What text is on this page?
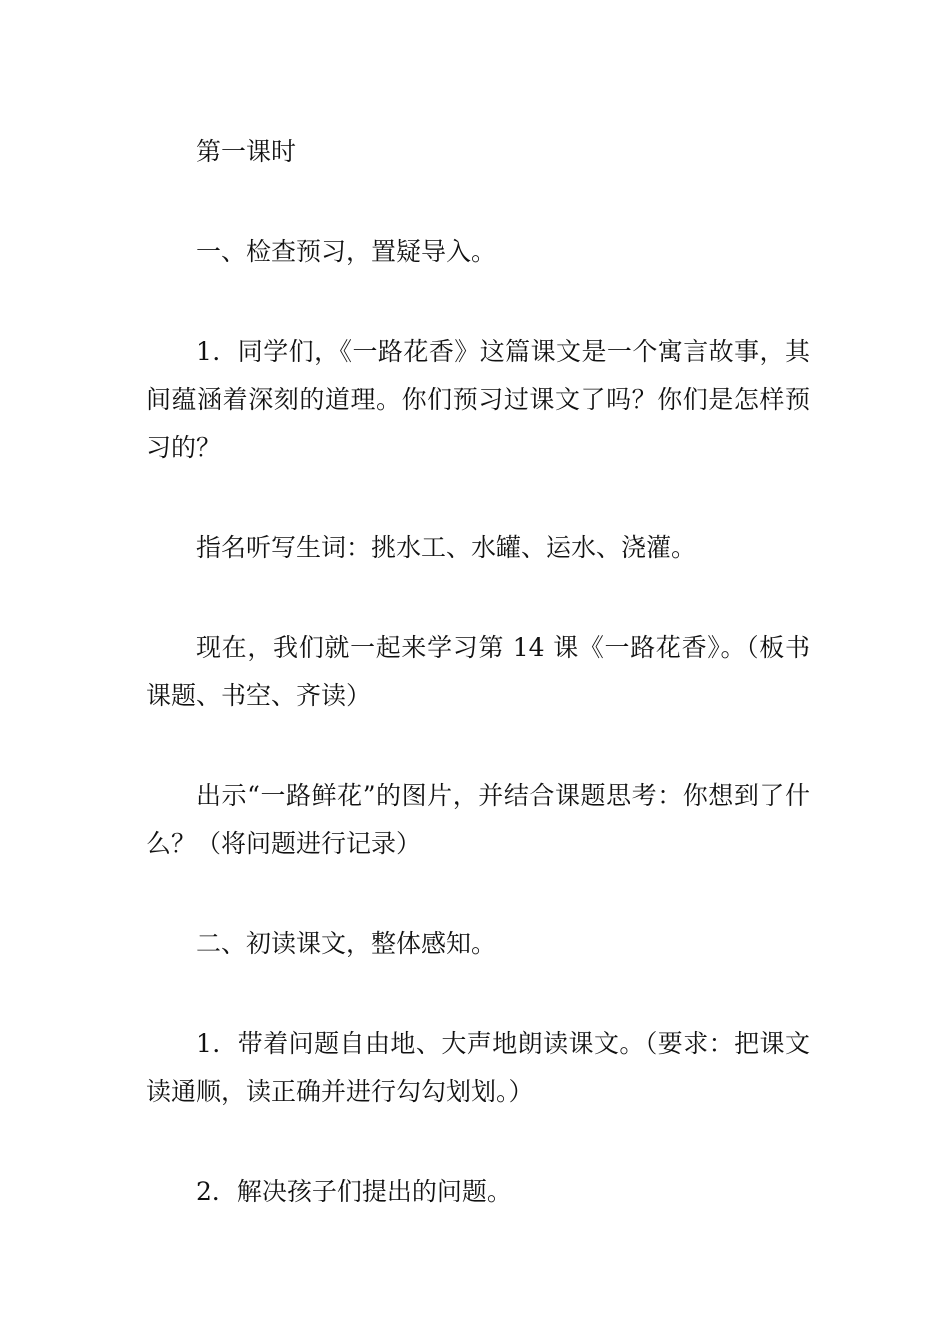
第一课时

一、检查预习，置疑导入。

1．同学们，《一路花香》这篇课文是一个寓言故事，其间蕴涵着深刻的道理。你们预习过课文了吗？你们是怎样预习的？

指名听写生词：挑水工、水罐、运水、浇灌。

现在，我们就一起来学习第 14 课《一路花香》。（板书课题、书空、齐读）

出示“一路鲜花”的图片，并结合课题思考：你想到了什么？（将问题进行记录）

二、初读课文，整体感知。

1．带着问题自由地、大声地朗读课文。（要求：把课文读通顺，读正确并进行勾勾划划。）

2．解决孩子们提出的问题。
